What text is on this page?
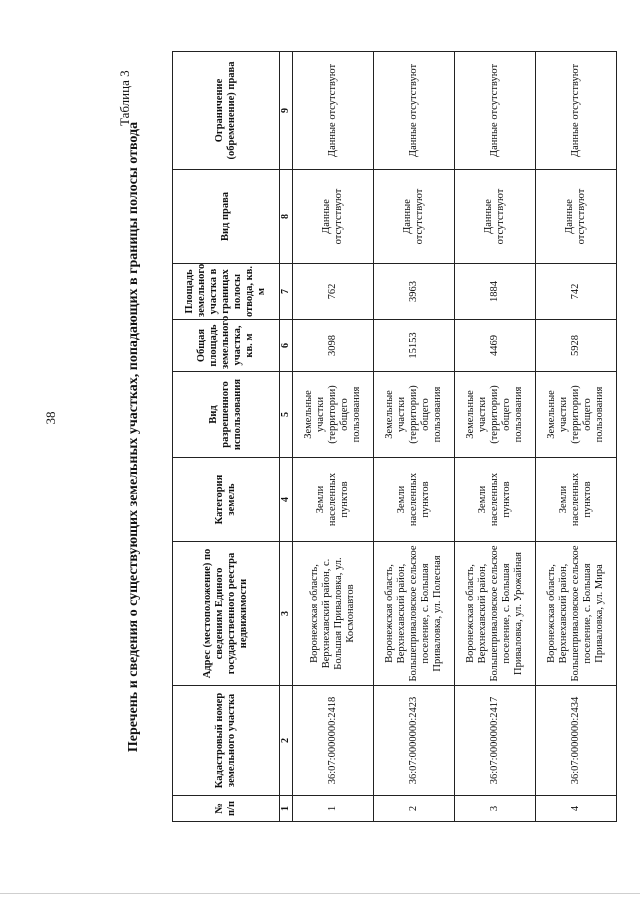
38
Таблица 3
Перечень и сведения о существующих земельных участках, попадающих в границы полосы отвода
№ п/п	Кадастровый номер земельного участка	Адрес (местоположение) по сведениям Единого государственного реестра недвижимости	Категория земель	Вид разрешенного использования	Общая площадь земельного участка, кв. м	Площадь земельного участка в границах полосы отвода, кв. м	Вид права	Ограничение (обременение) права
1	2	3	4	5	6	7	8	9
1	36:07:0000000:2418	Воронежская область, Верхнехавский район, с. Большая Приваловка, ул. Космонавтов	Земли населенных пунктов	Земельные участки (территории) общего пользования	3098	762	Данные отсутствуют	Данные отсутствуют
2	36:07:0000000:2423	Воронежская область, Верхнехавский район, Большеприваловское сельское поселение, с. Большая Приваловка, ул. Полесная	Земли населенных пунктов	Земельные участки (территории) общего пользования	15153	3963	Данные отсутствуют	Данные отсутствуют
3	36:07:0000000:2417	Воронежская область, Верхнехавский район, Большеприваловское сельское поселение, с. Большая Приваловка, ул. Урожайная	Земли населенных пунктов	Земельные участки (территории) общего пользования	4469	1884	Данные отсутствуют	Данные отсутствуют
4	36:07:0000000:2434	Воронежская область, Верхнехавский район, Большеприваловское сельское поселение, с. Большая Приваловка, ул. Мира	Земли населенных пунктов	Земельные участки (территории) общего пользования	5928	742	Данные отсутствуют	Данные отсутствуют
